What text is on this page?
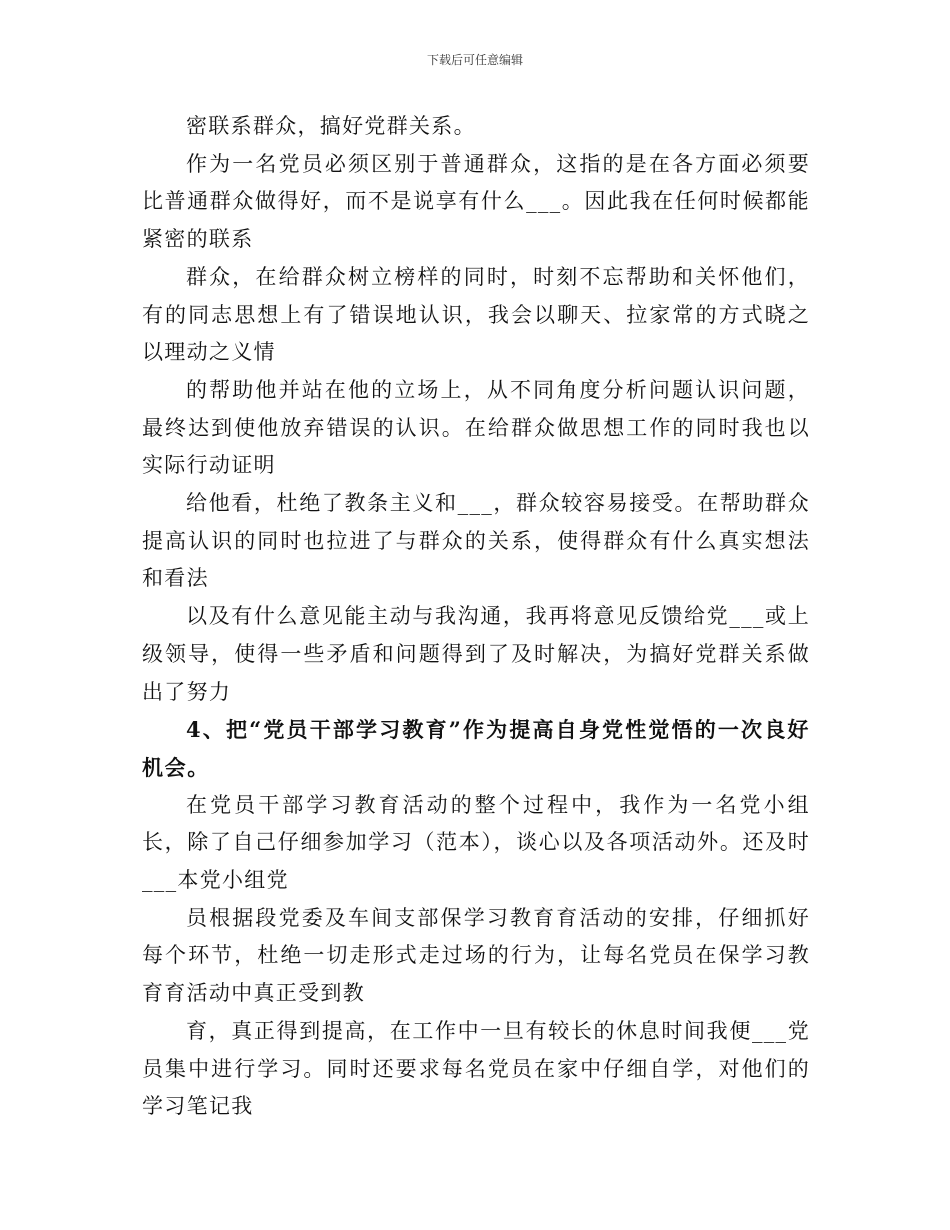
下载后可任意编辑

密联系群众，搞好党群关系。

作为一名党员必须区别于普通群众，这指的是在各方面必须要比普通群众做得好，而不是说享有什么___。因此我在任何时候都能紧密的联系

群众，在给群众树立榜样的同时，时刻不忘帮助和关怀他们，有的同志思想上有了错误地认识，我会以聊天、拉家常的方式晓之以理动之义情

的帮助他并站在他的立场上，从不同角度分析问题认识问题，最终达到使他放弃错误的认识。在给群众做思想工作的同时我也以实际行动证明

给他看，杜绝了教条主义和___，群众较容易接受。在帮助群众提高认识的同时也拉进了与群众的关系，使得群众有什么真实想法和看法

以及有什么意见能主动与我沟通，我再将意见反馈给党___或上级领导，使得一些矛盾和问题得到了及时解决，为搞好党群关系做出了努力

4、把“党员干部学习教育”作为提高自身党性觉悟的一次良好机会。

在党员干部学习教育活动的整个过程中，我作为一名党小组长，除了自己仔细参加学习（范本），谈心以及各项活动外。还及时___本党小组党

员根据段党委及车间支部保学习教育育活动的安排，仔细抓好每个环节，杜绝一切走形式走过场的行为，让每名党员在保学习教育育活动中真正受到教

育，真正得到提高，在工作中一旦有较长的休息时间我便___党员集中进行学习。同时还要求每名党员在家中仔细自学，对他们的学习笔记我
